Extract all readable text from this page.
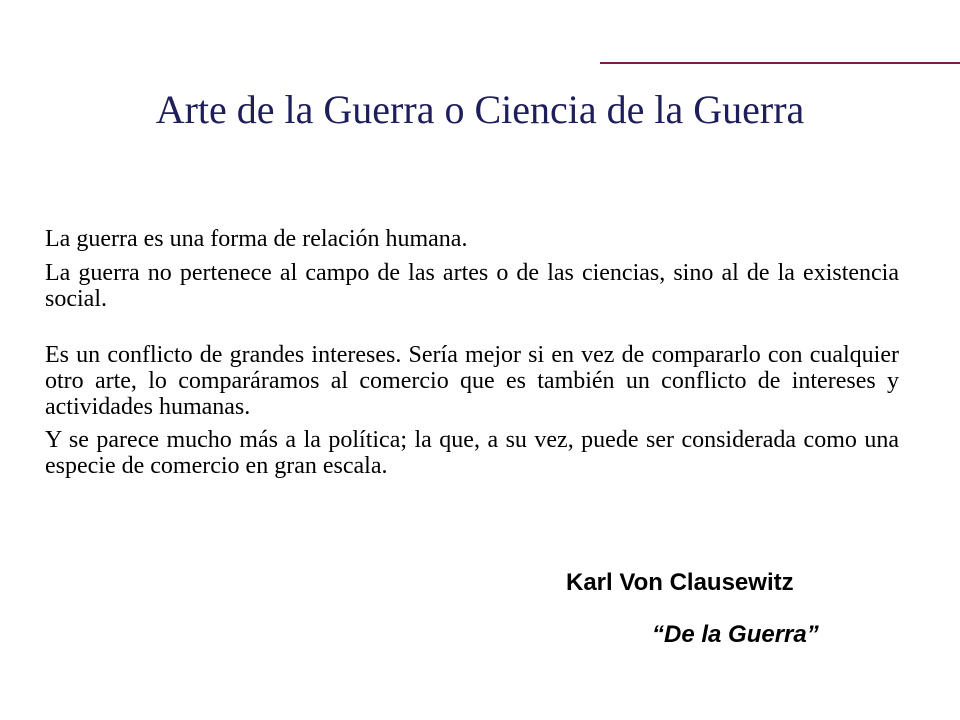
Arte de la Guerra o Ciencia de la Guerra

La guerra es una forma de relación humana.

La guerra no pertenece al campo de las artes o de las ciencias, sino al de la existencia social.

Es un conflicto de grandes intereses. Sería mejor si en vez de compararlo con cualquier otro arte, lo comparáramos al comercio que es también un conflicto de intereses y actividades humanas.

Y se parece mucho más a la política; la que, a su vez, puede ser considerada como una especie de comercio en gran escala.

Karl Von Clausewitz
“De la Guerra”
